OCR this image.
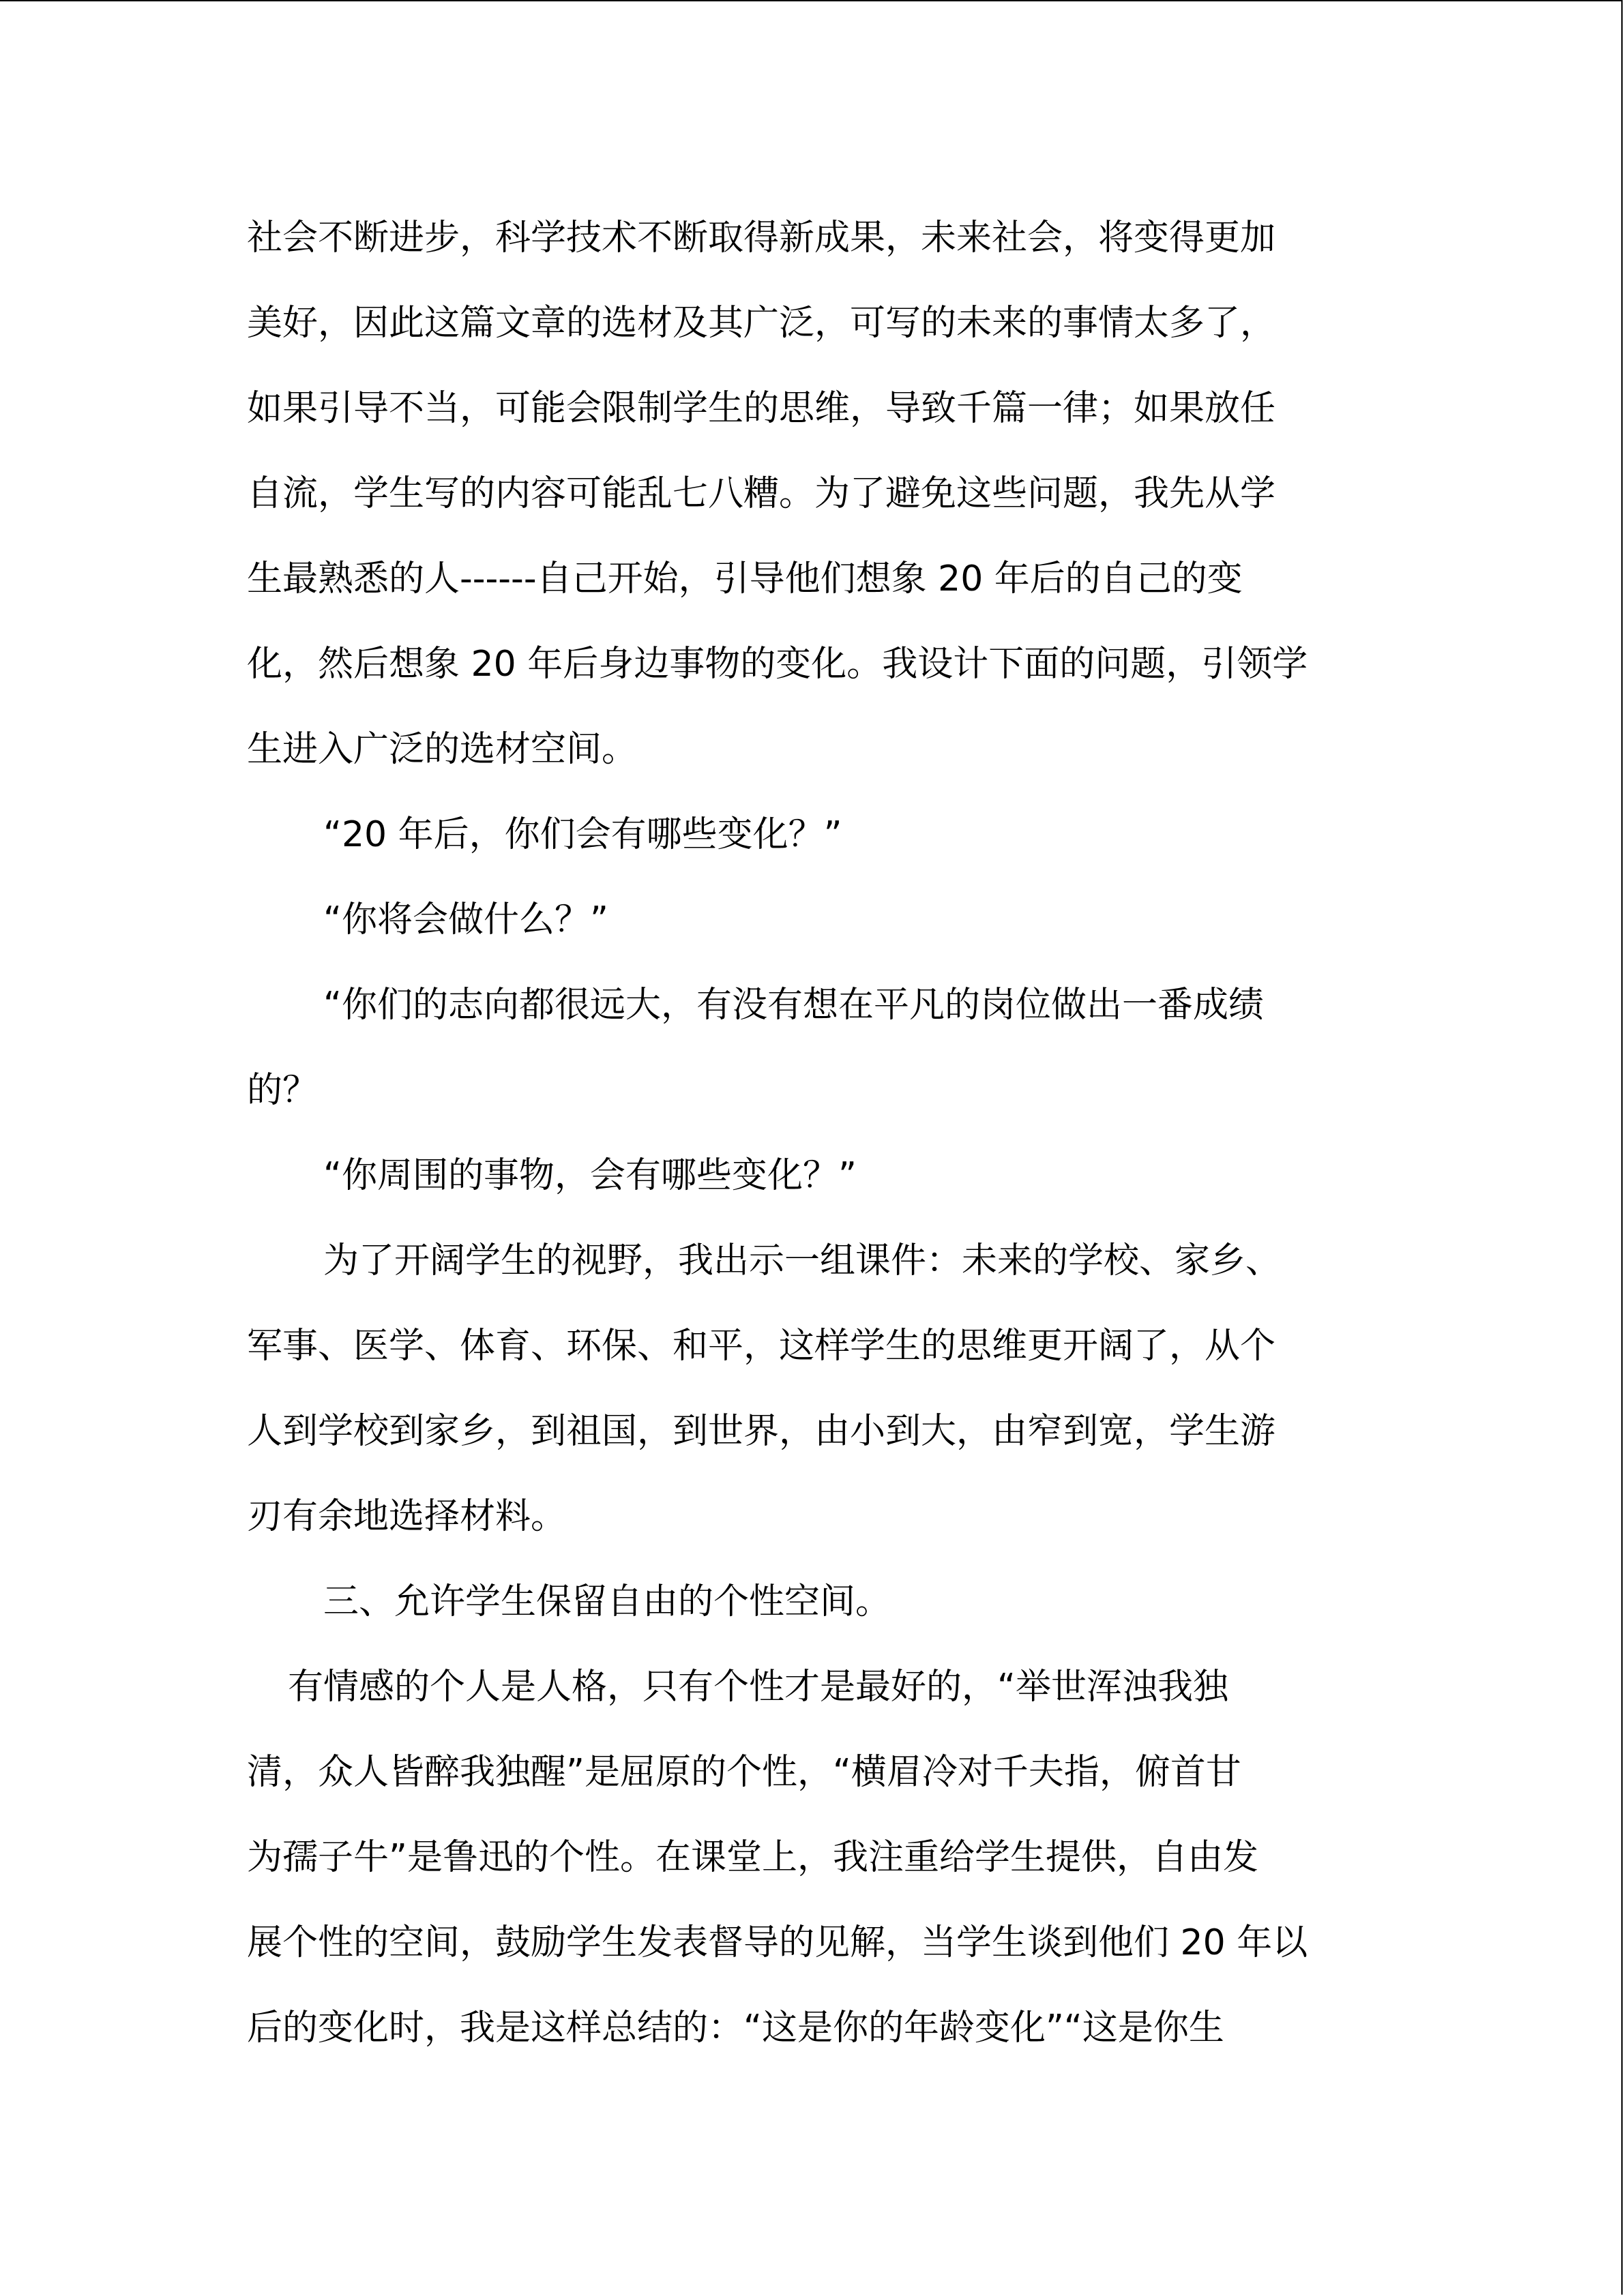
社会不断进步，科学技术不断取得新成果，未来社会，将变得更加
美好，因此这篇文章的选材及其广泛，可写的未来的事情太多了，
如果引导不当，可能会限制学生的思维，导致千篇一律；如果放任
自流，学生写的内容可能乱七八糟。为了避免这些问题，我先从学
生最熟悉的人------自己开始，引导他们想象 20 年后的自己的变
化，然后想象 20 年后身边事物的变化。我设计下面的问题，引领学
生进入广泛的选材空间。
“20 年后，你们会有哪些变化？”
“你将会做什么？”
“你们的志向都很远大，有没有想在平凡的岗位做出一番成绩
的？
“你周围的事物，会有哪些变化？”
为了开阔学生的视野，我出示一组课件：未来的学校、家乡、
军事、医学、体育、环保、和平，这样学生的思维更开阔了，从个
人到学校到家乡，到祖国，到世界，由小到大，由窄到宽，学生游
刃有余地选择材料。
三、允许学生保留自由的个性空间。
有情感的个人是人格，只有个性才是最好的，“举世浑浊我独
清，众人皆醉我独醒”是屈原的个性，“横眉冷对千夫指，俯首甘
为孺子牛”是鲁迅的个性。在课堂上，我注重给学生提供，自由发
展个性的空间，鼓励学生发表督导的见解，当学生谈到他们 20 年以
后的变化时，我是这样总结的：“这是你的年龄变化”“这是你生
